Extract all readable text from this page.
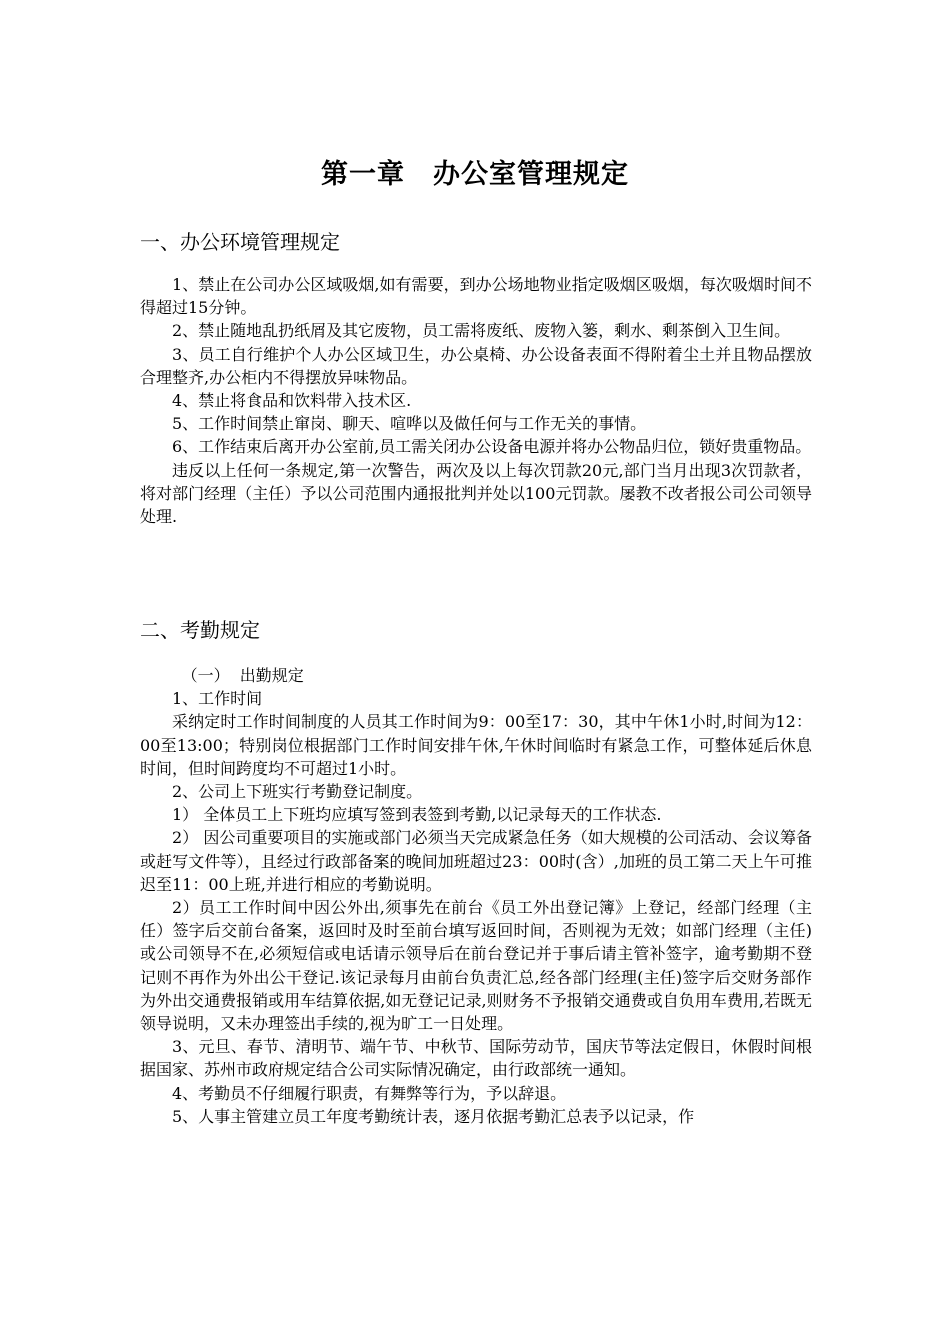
第一章　办公室管理规定
一、办公环境管理规定

1、禁止在公司办公区域吸烟,如有需要，到办公场地物业指定吸烟区吸烟，每次吸烟时间不得超过15分钟。

2、禁止随地乱扔纸屑及其它废物，员工需将废纸、废物入篓，剩水、剩茶倒入卫生间。

3、员工自行维护个人办公区域卫生，办公桌椅、办公设备表面不得附着尘土并且物品摆放合理整齐,办公柜内不得摆放异味物品。

4、禁止将食品和饮料带入技术区.

5、工作时间禁止窜岗、聊天、喧哗以及做任何与工作无关的事情。

6、工作结束后离开办公室前,员工需关闭办公设备电源并将办公物品归位，锁好贵重物品。

违反以上任何一条规定,第一次警告，两次及以上每次罚款20元,部门当月出现3次罚款者，将对部门经理（主任）予以公司范围内通报批判并处以100元罚款。屡教不改者报公司公司领导处理.

二、考勤规定

（一）  出勤规定

1、工作时间

采纳定时工作时间制度的人员其工作时间为9：00至17：30，其中午休1小时,时间为12：00至13:00；特别岗位根据部门工作时间安排午休,午休时间临时有紧急工作，可整体延后休息时间，但时间跨度均不可超过1小时。

2、公司上下班实行考勤登记制度。

1） 全体员工上下班均应填写签到表签到考勤,以记录每天的工作状态.

2） 因公司重要项目的实施或部门必须当天完成紧急任务（如大规模的公司活动、会议筹备或赶写文件等），且经过行政部备案的晚间加班超过23：00时(含）,加班的员工第二天上午可推迟至11：00上班,并进行相应的考勤说明。

2）员工工作时间中因公外出,须事先在前台《员工外出登记簿》上登记，经部门经理（主任）签字后交前台备案，返回时及时至前台填写返回时间，否则视为无效；如部门经理（主任)或公司领导不在,必须短信或电话请示领导后在前台登记并于事后请主管补签字，逾考勤期不登记则不再作为外出公干登记.该记录每月由前台负责汇总,经各部门经理(主任)签字后交财务部作为外出交通费报销或用车结算依据,如无登记记录,则财务不予报销交通费或自负用车费用,若既无领导说明，又未办理签出手续的,视为旷工一日处理。

3、元旦、春节、清明节、端午节、中秋节、国际劳动节，国庆节等法定假日，休假时间根据国家、苏州市政府规定结合公司实际情况确定，由行政部统一通知。

4、考勤员不仔细履行职责，有舞弊等行为，予以辞退。

5、人事主管建立员工年度考勤统计表，逐月依据考勤汇总表予以记录，作
